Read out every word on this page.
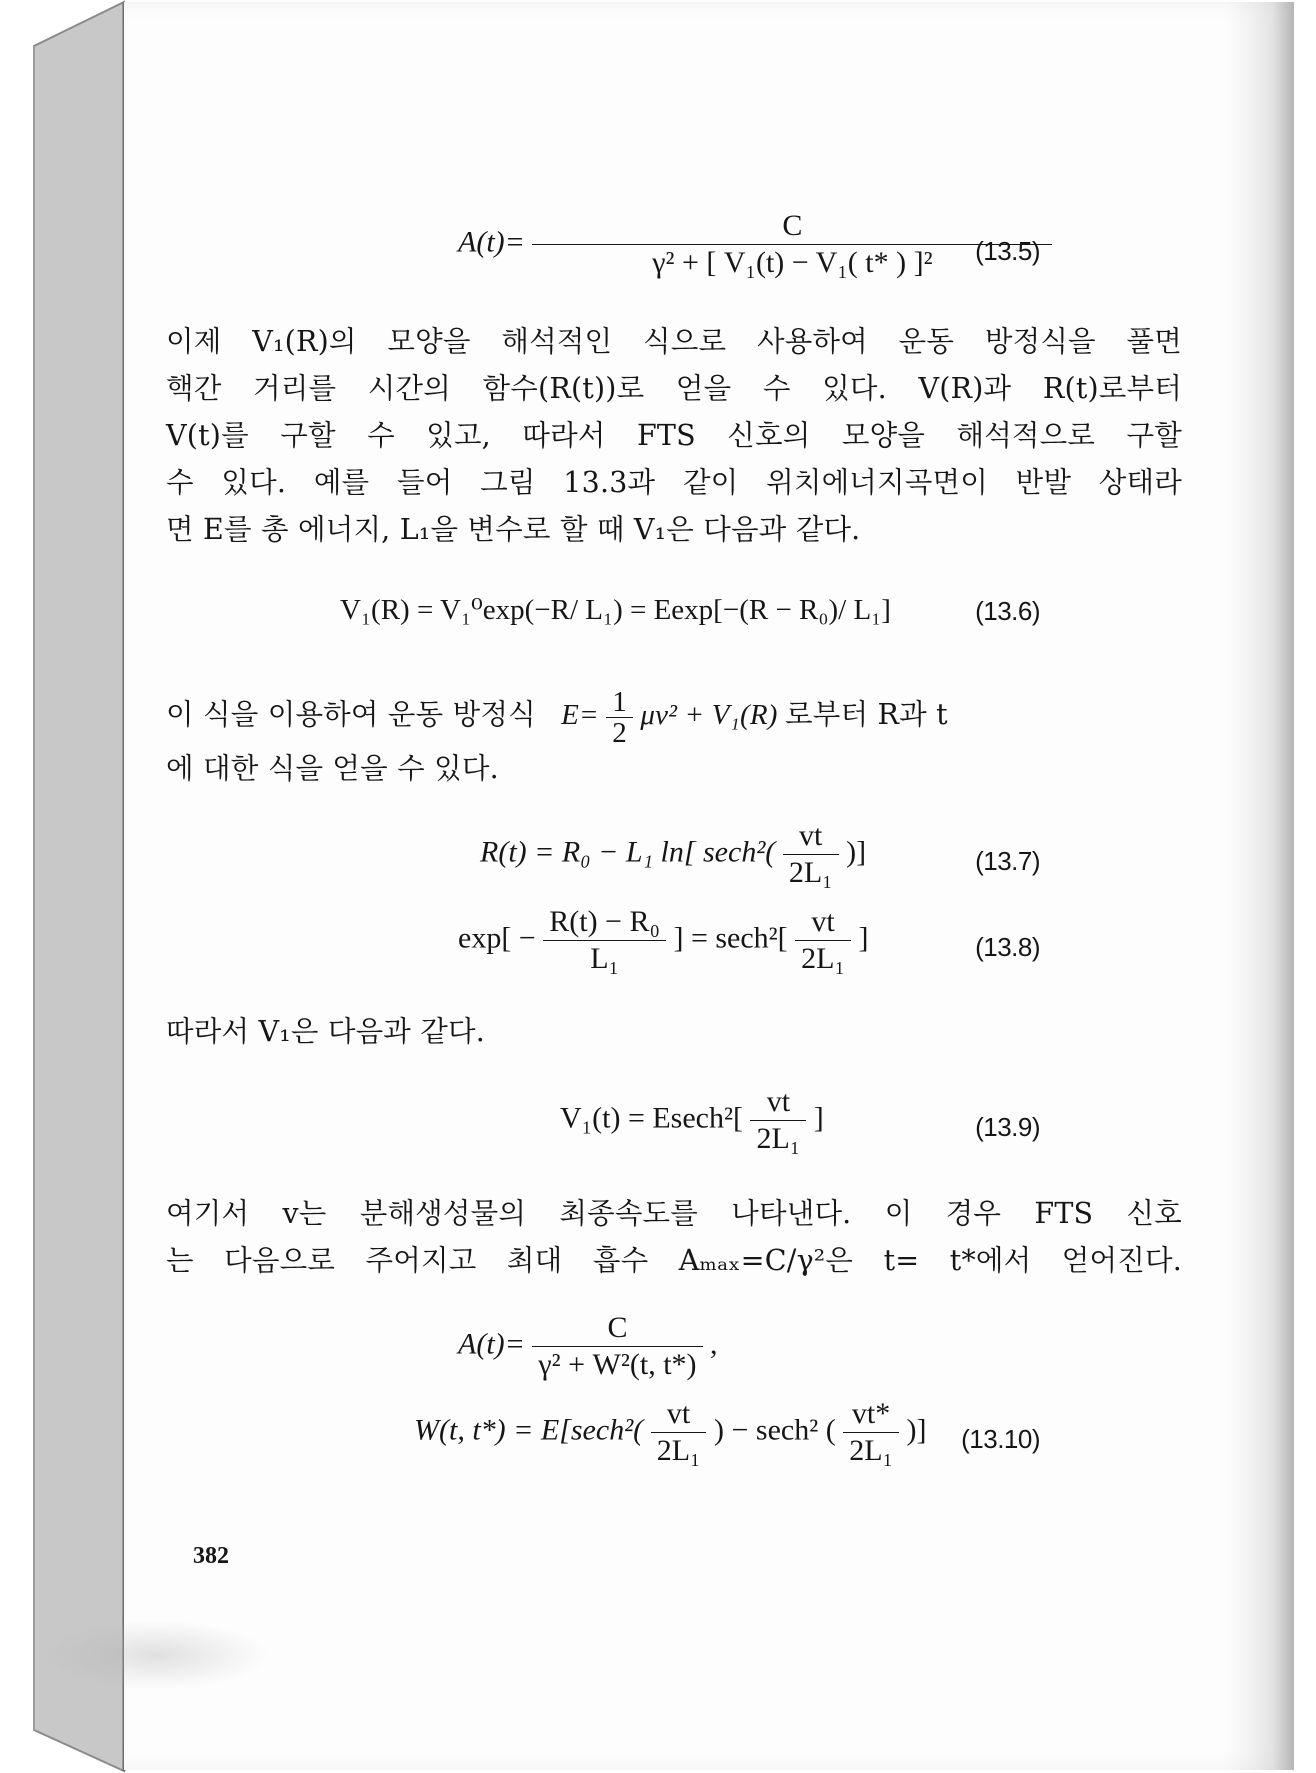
$A(t)= \frac{C}{\text{γ² + [ V₁(t) − V₁( t* ) ]²}}$
(13.5)
이제 V₁(R)의 모양을 해석적인 식으로 사용하여 운동 방정식을 풀면
핵간 거리를 시간의 함수(R(t))로 얻을 수 있다. V(R)과 R(t)로부터
V(t)를 구할 수 있고, 따라서 FTS 신호의 모양을 해석적으로 구할
수 있다. 예를 들어 그림 13.3과 같이 위치에너지곡면이 반발 상태라
면 E를 총 에너지, L₁을 변수로 할 때 V₁은 다음과 같다.
V₁(R) = V₁⁰exp(−R/ L₁) = Eexp[−(R − R₀)/ L₁]	(13.6)
이 식을 이용하여 운동 방정식 $E= \frac{1}{2} \mu v^2 + V_1(R)$ 로부터 R과 t
에 대한 식을 얻을 수 있다.
R(t) = R₀ − L₁ ln[ $\sec h^2( \frac{vt}{\text{2L₁}}$ )]	(13.7)
$\exp[ - \frac{\text{R(t) − R₀}}{\text{L₁}}$ ] = $\sec h^2[ \frac{vt}{\text{2L₁}}$ ]	(13.8)
따라서 V₁은 다음과 같다.
$V_1(t) = Esech^2[ \frac{vt}{\text{2L₁}}$ ]	(13.9)
여기서 v는 분해생성물의 최종속도를 나타낸다. 이 경우 FTS 신호
는 다음으로 주어지고 최대 흡수 Aₘₐₓ=C/γ²은 t= t*에서 얻어진다.
$A(t)= \frac{C}{\text{γ² + W²(t, t*)}}$ ,
W(t, $t*) = E[\sec h^2( \frac{vt}{\text{2L₁}}$ ) − sech² ( $\frac{vt*}{\text{2L₁}}$ )] (13.10)
382
